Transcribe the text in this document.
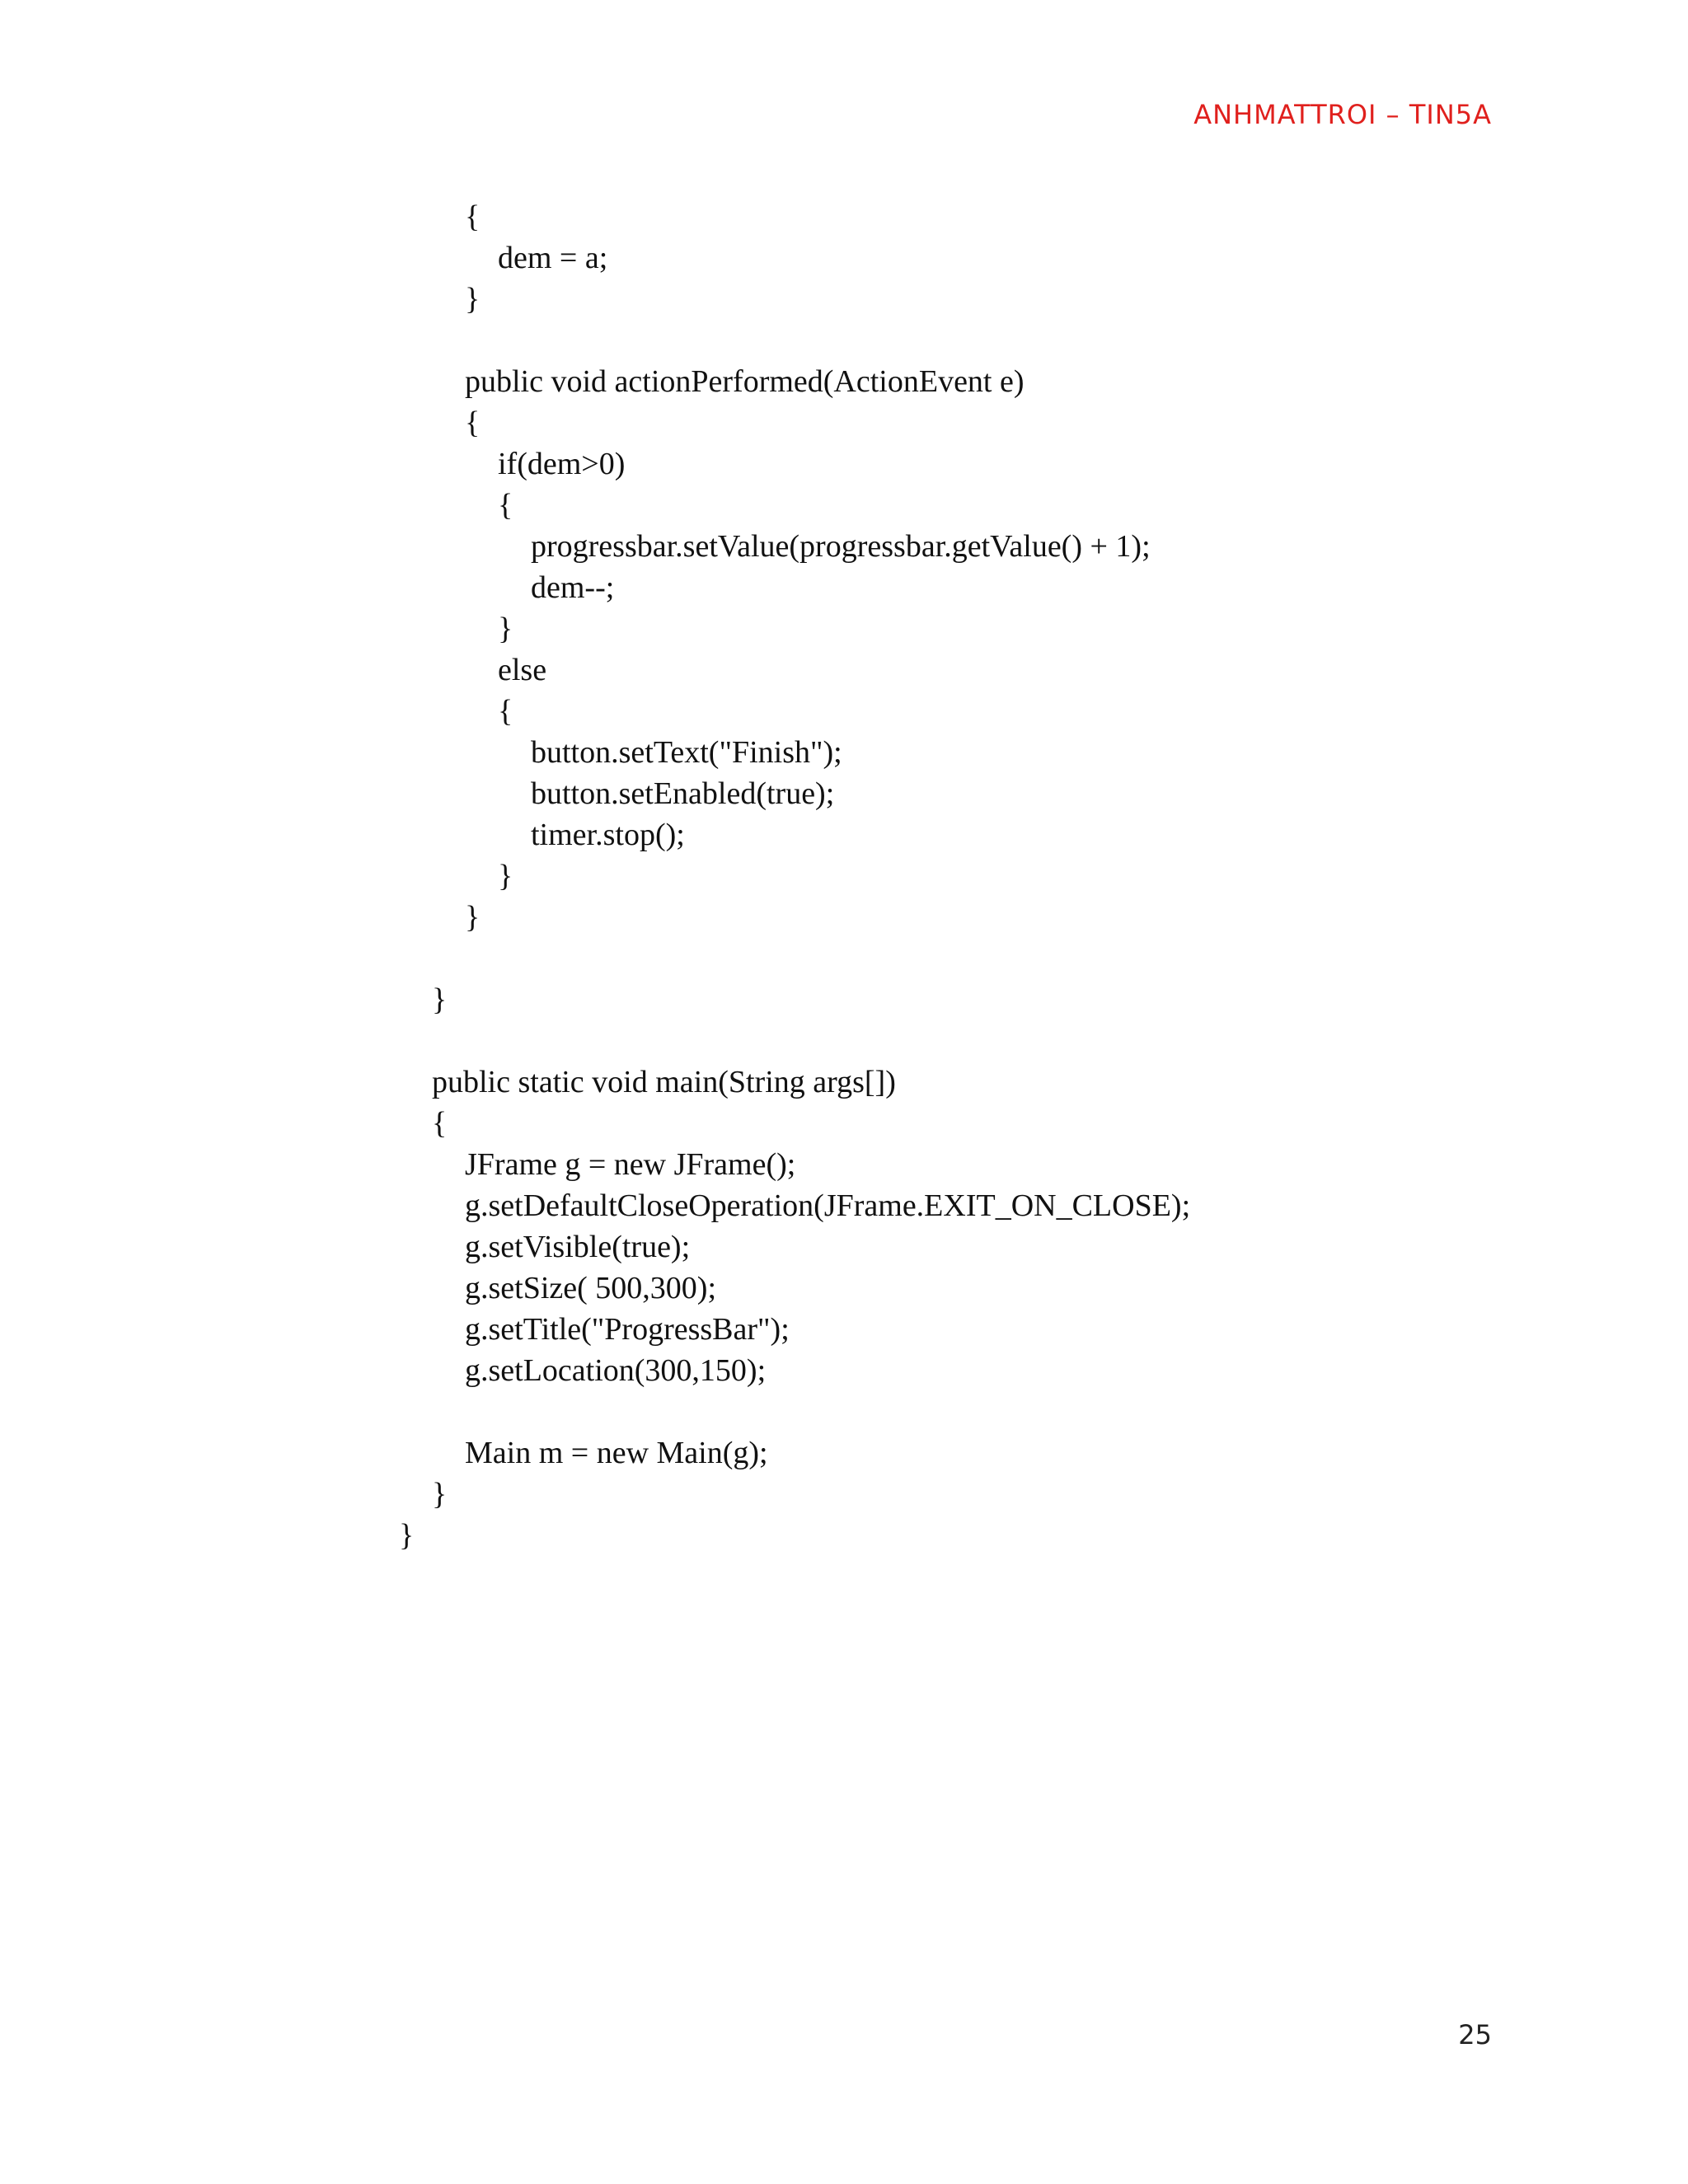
ANHMATTROI – TIN5A
{
dem = a;
}
public void actionPerformed(ActionEvent e)
{
if(dem>0)
{
progressbar.setValue(progressbar.getValue() + 1);
dem--;
}
else
{
button.setText("Finish");
button.setEnabled(true);
timer.stop();
}
}
}
public static void main(String args[])
{
JFrame g = new JFrame();
g.setDefaultCloseOperation(JFrame.EXIT_ON_CLOSE);
g.setVisible(true);
g.setSize( 500,300);
g.setTitle("ProgressBar");
g.setLocation(300,150);
Main m = new Main(g);
}
}
25
